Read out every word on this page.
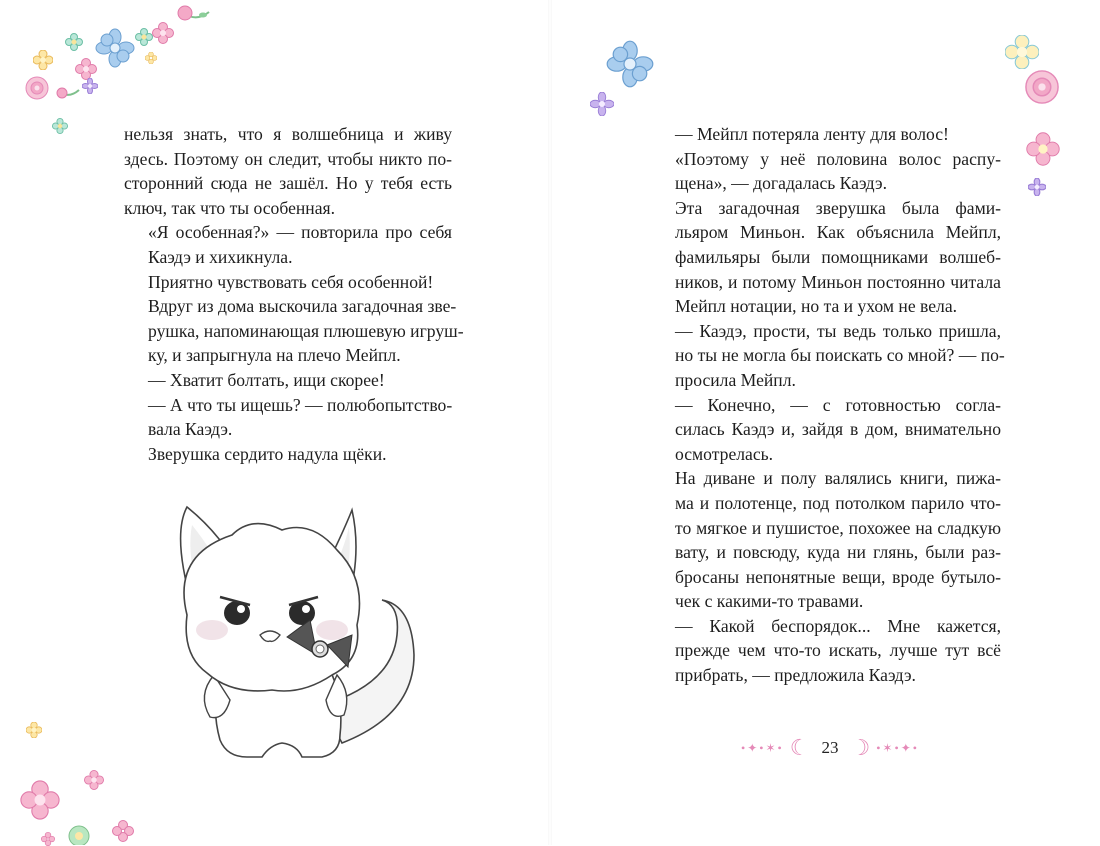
нельзя знать, что я волшебница и живу
здесь. Поэтому он следит, чтобы никто по-
сторонний сюда не зашёл. Но у тебя есть
ключ, так что ты особенная.

«Я особенная?» — повторила про себя
Каэдэ и хихикнула.

Приятно чувствовать себя особенной!

Вдруг из дома выскочила загадочная зве-
рушка, напоминающая плюшевую игруш-
ку, и запрыгнула на плечо Мейпл.

— Хватит болтать, ищи скорее!

— А что ты ищешь? — полюбопытство-
вала Каэдэ.

Зверушка сердито надула щёки.

— Мейпл потеряла ленту для волос!

«Поэтому у неё половина волос распу-
щена», — догадалась Каэдэ.

Эта загадочная зверушка была фами-
льяром Миньон. Как объяснила Мейпл,
фамильяры были помощниками волшеб-
ников, и потому Миньон постоянно читала
Мейпл нотации, но та и ухом не вела.

— Каэдэ, прости, ты ведь только пришла,
но ты не могла бы поискать со мной? — по-
просила Мейпл.

— Конечно, — с готовностью согла-
силась Каэдэ и, зайдя в дом, внимательно
осмотрелась.

На диване и полу валялись книги, пижа-
ма и полотенце, под потолком парило что-
то мягкое и пушистое, похожее на сладкую
вату, и повсюду, куда ни глянь, были раз-
бросаны непонятные вещи, вроде бутыло-
чек с какими-то травами.

— Какой беспорядок... Мне кажется,
прежде чем что-то искать, лучше тут всё
прибрать, — предложила Каэдэ.

•✦•✶• ☾ 23 ☽ •✶•✦•
